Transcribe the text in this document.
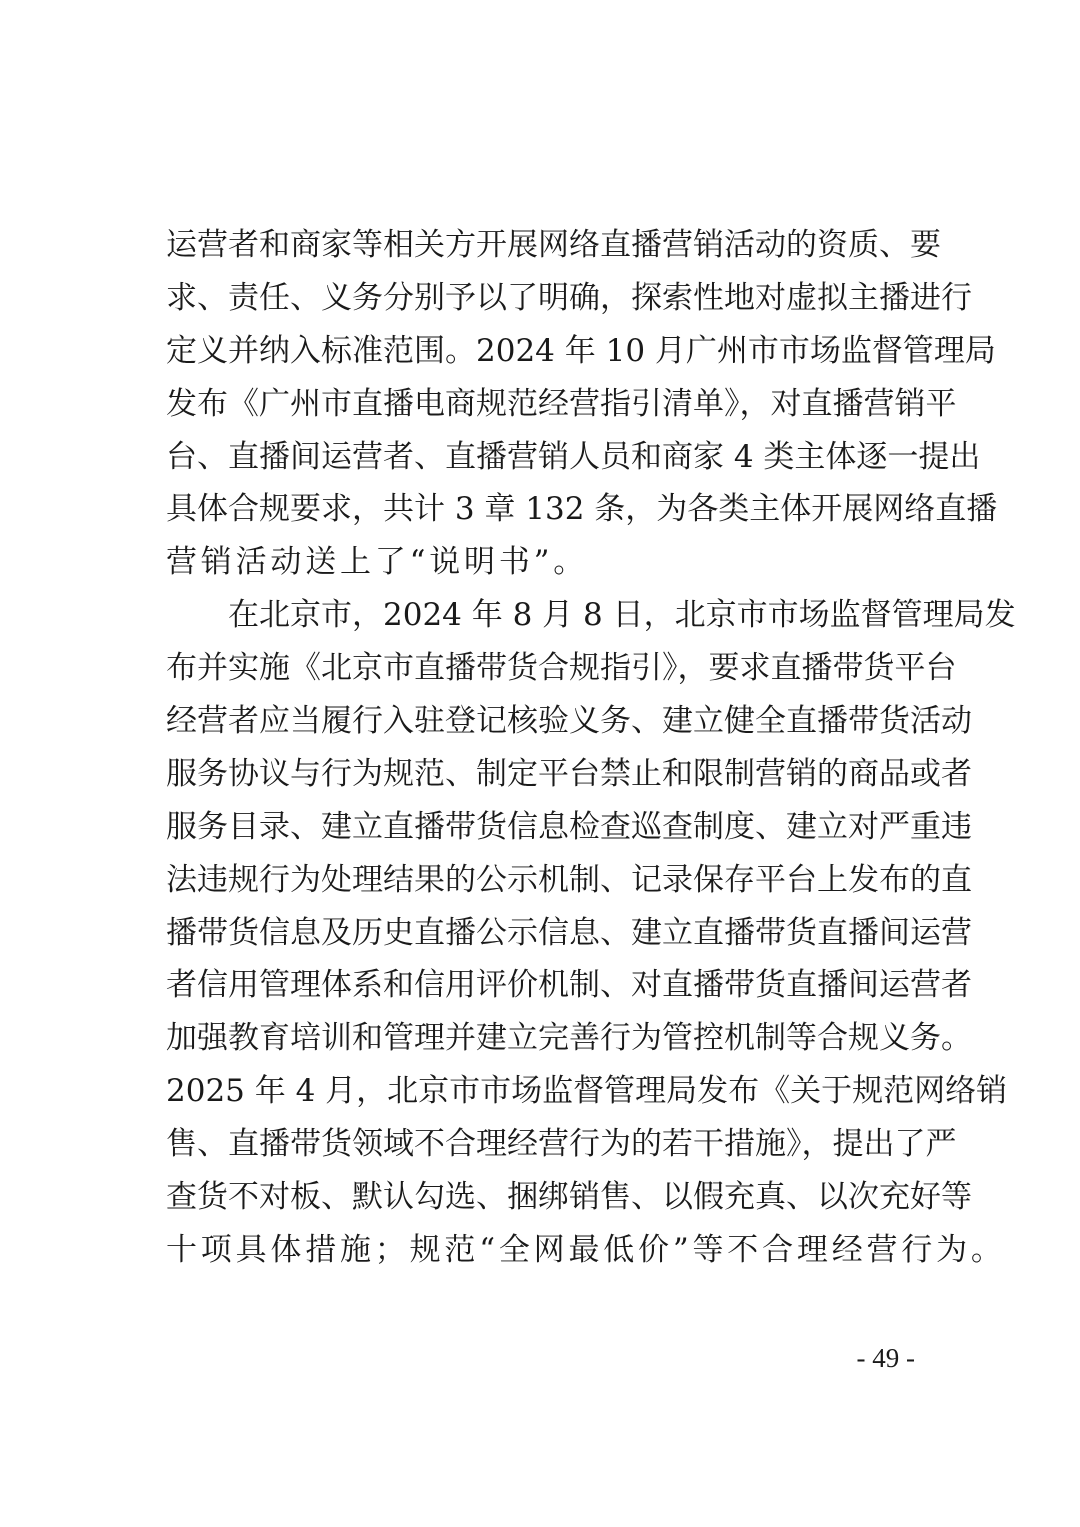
运营者和商家等相关方开展网络直播营销活动的资质、要
求、责任、义务分别予以了明确，探索性地对虚拟主播进行
定义并纳入标准范围。2024 年 10 月广州市市场监督管理局
发布《广州市直播电商规范经营指引清单》，对直播营销平
台、直播间运营者、直播营销人员和商家 4 类主体逐一提出
具体合规要求，共计 3 章 132 条，为各类主体开展网络直播
营销活动送上了“说明书”。
在北京市，2024 年 8 月 8 日，北京市市场监督管理局发
布并实施《北京市直播带货合规指引》，要求直播带货平台
经营者应当履行入驻登记核验义务、建立健全直播带货活动
服务协议与行为规范、制定平台禁止和限制营销的商品或者
服务目录、建立直播带货信息检查巡查制度、建立对严重违
法违规行为处理结果的公示机制、记录保存平台上发布的直
播带货信息及历史直播公示信息、建立直播带货直播间运营
者信用管理体系和信用评价机制、对直播带货直播间运营者
加强教育培训和管理并建立完善行为管控机制等合规义务。
2025 年 4 月，北京市市场监督管理局发布《关于规范网络销
售、直播带货领域不合理经营行为的若干措施》，提出了严
查货不对板、默认勾选、捆绑销售、以假充真、以次充好等
十项具体措施；规范“全网最低价”等不合理经营行为。
- 49 -
